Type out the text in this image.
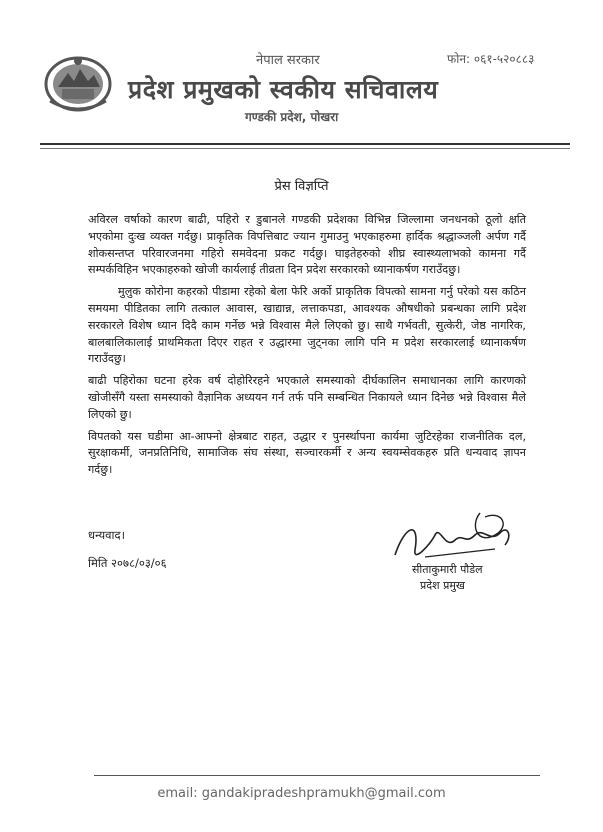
नेपाल सरकार	फोन: ०६१-५२०८८३
प्रदेश प्रमुखको स्वकीय सचिवालय
गण्डकी प्रदेश, पोखरा
प्रेस विज्ञप्ति

अविरल वर्षाको कारण बाढी, पहिरो र डुबानले गण्डकी प्रदेशका विभिन्न जिल्लामा जनधनको ठूलो क्षति भएकोमा दुःख व्यक्त गर्दछु। प्राकृतिक विपत्तिबाट ज्यान गुमाउनु भएकाहरुमा हार्दिक श्रद्धाञ्जली अर्पण गर्दै शोकसन्तप्त परिवारजनमा गहिरो समवेदना प्रकट गर्दछु। घाइतेहरुको शीघ्र स्वास्थ्यलाभको कामना गर्दै सम्पर्कविहिन भएकाहरुको खोजी कार्यलाई तीव्रता दिन प्रदेश सरकारको ध्यानाकर्षण गराउँदछु।

मुलुक कोरोना कहरको पीडामा रहेको बेला फेरि अर्को प्राकृतिक विपत्को सामना गर्नु परेको यस कठिन समयमा पीडितका लागि तत्काल आवास, खाद्यान्न, लत्ताकपडा, आवश्यक औषधीको प्रबन्धका लागि प्रदेश सरकारले विशेष ध्यान दिदै काम गर्नेछ भन्ने विश्वास मैले लिएको छु। साथै गर्भवती, सुत्केरी, जेष्ठ नागरिक, बालबालिकालाई प्राथमिकता दिएर राहत र उद्धारमा जुट्नका लागि पनि म प्रदेश सरकारलाई ध्यानाकर्षण गराउँदछु।

बाढी पहिरोका घटना हरेक वर्ष दोहोरिरहने भएकाले समस्याको दीर्घकालिन समाधानका लागि कारणको खोजीसँगै यस्ता समस्याको वैज्ञानिक अध्ययन गर्न तर्फ पनि सम्बन्धित निकायले ध्यान दिनेछ भन्ने विश्वास मैले लिएको छु।

विपतको यस घडीमा आ-आफ्नो क्षेत्रबाट राहत, उद्धार र पुनर्स्थापना कार्यमा जुटिरहेका राजनीतिक दल, सुरक्षाकर्मी, जनप्रतिनिधि, सामाजिक संघ संस्था, सञ्चारकर्मी र अन्य स्वयम्सेवकहरु प्रति धन्यवाद ज्ञापन गर्दछु।

धन्यवाद।
मिति २०७८/०३/०६	सीताकुमारी पौडेल
प्रदेश प्रमुख
email: gandakipradeshpramukh@gmail.com
